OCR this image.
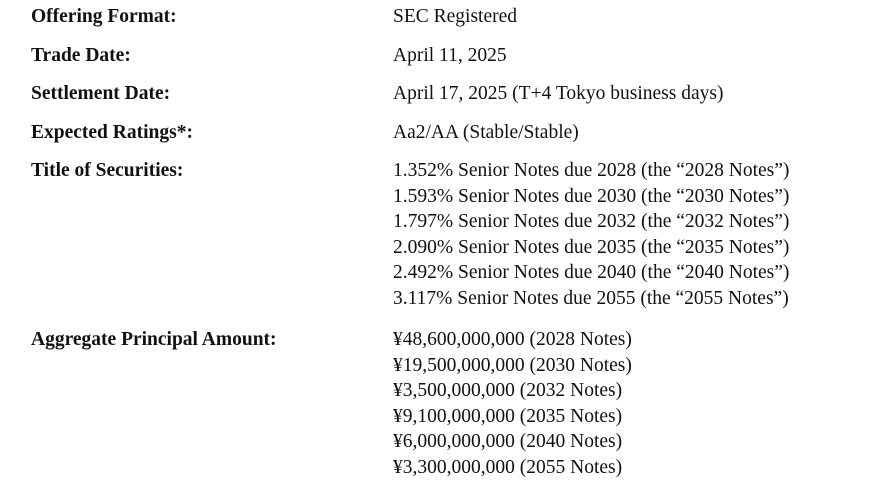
Offering Format:	SEC Registered
Trade Date:	April 11, 2025
Settlement Date:	April 17, 2025 (T+4 Tokyo business days)
Expected Ratings*:	Aa2/AA (Stable/Stable)
Title of Securities:	1.352% Senior Notes due 2028 (the “2028 Notes”)
1.593% Senior Notes due 2030 (the “2030 Notes”)
1.797% Senior Notes due 2032 (the “2032 Notes”)
2.090% Senior Notes due 2035 (the “2035 Notes”)
2.492% Senior Notes due 2040 (the “2040 Notes”)
3.117% Senior Notes due 2055 (the “2055 Notes”)
Aggregate Principal Amount:	¥48,600,000,000 (2028 Notes)
¥19,500,000,000 (2030 Notes)
¥3,500,000,000 (2032 Notes)
¥9,100,000,000 (2035 Notes)
¥6,000,000,000 (2040 Notes)
¥3,300,000,000 (2055 Notes)
